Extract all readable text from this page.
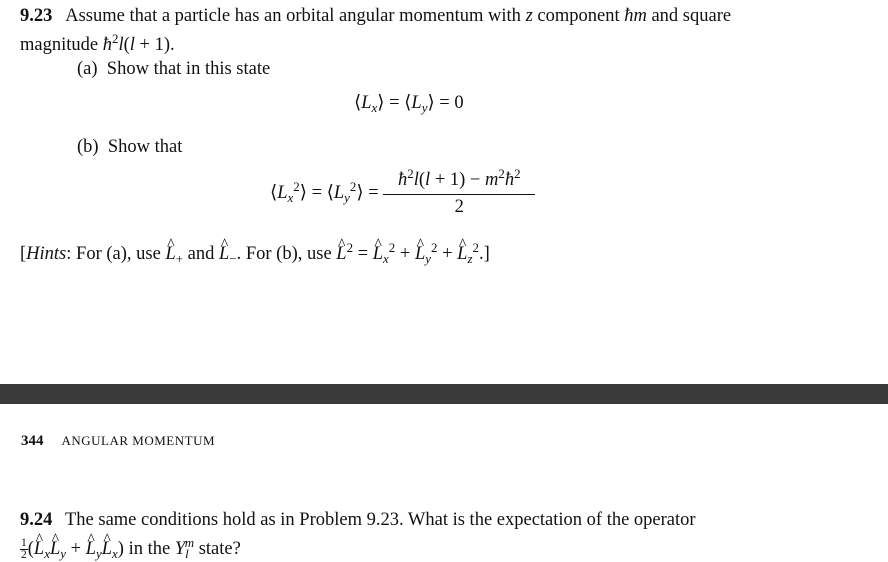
9.23   Assume that a particle has an orbital angular momentum with z component ħm and square
magnitude $ħ^2l(l + 1)$.
(a) Show that in this state
$⟨L_x⟩$ = $⟨L_y⟩ = 0$
(b) Show that
$⟨L_x^2⟩$ = $⟨L_y^2⟩ = \frac{ħ^2l(l + 1) - m^2ħ^2}{2}$
[Hints: For (a), use ^ $L_+$ and ^ $L_-$. For (b), use ^ $L^2$ = ^ $L_x^2$ + ^ $L_y^2$ + ^ $L_z^2$.]
344 ANGULAR MOMENTUM
9.24 The same conditions hold as in Problem 9.23. What is the expectation of the operator
$\frac{1}{2}$ (^ $L_x\^{}$ $L_y$ + ^ $L_y\^{}$ $L_x$) in the $Y_l^m$ state?
